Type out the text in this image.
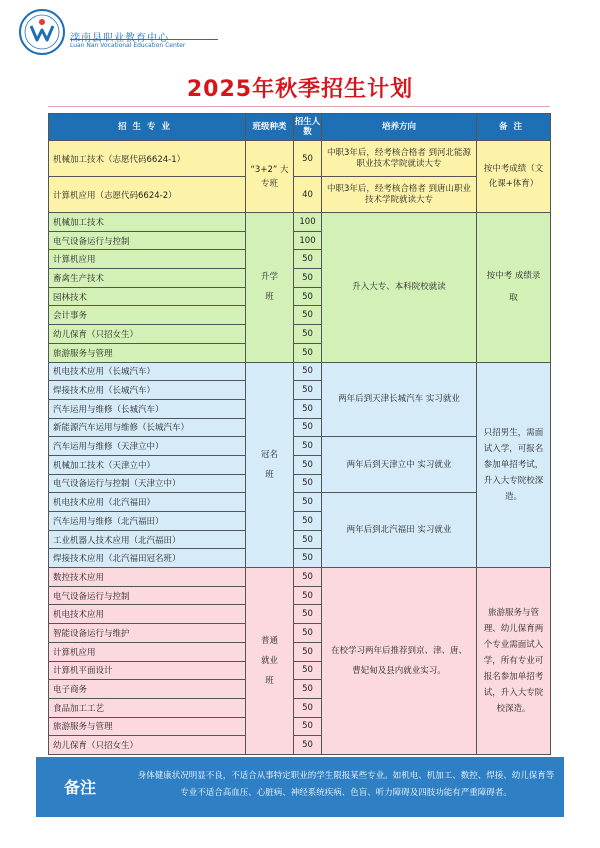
Luan Nan Vocational Education Center
2025年秋季招生计划
招生专业	班级种类	招生人数	培养方向	备注
机械加工技术（志愿代码6624-1）	“3+2” 大专班	50	中职3年后，经考核合格者 到河北能源职业技术学院就读大专	按中考成绩（文化课+体育）
计算机应用（志愿代码6624-2）		40	中职3年后，经考核合格者 到唐山职业技术学院就读大专	
机械加工技术	升学班	100	升入大专、本科院校就读	按中考 成绩录取
电气设备运行与控制		100		
计算机应用		50		
畜禽生产技术		50		
园林技术		50		
会计事务		50		
幼儿保育（只招女生）		50		
旅游服务与管理		50		
机电技术应用（长城汽车）	冠名班	50	两年后到天津长城汽车 实习就业	只招男生，需面试入学，可报名参加单招考试，升入大专院校深造。
焊接技术应用（长城汽车）		50		
汽车运用与维修（长城汽车）		50		
新能源汽车运用与维修（长城汽车）		50		
汽车运用与维修（天津立中）		50	两年后到天津立中 实习就业	
机械加工技术（天津立中）		50		
电气设备运行与控制（天津立中）		50		
机电技术应用（北汽福田）		50	两年后到北汽福田 实习就业	
汽车运用与维修（北汽福田）		50		
工业机器人技术应用（北汽福田）		50		
焊接技术应用（北汽福田冠名班）		50		
数控技术应用	普通就业班	50	在校学习两年后推荐到京、津、唐、曹妃甸及县内就业实习。	旅游服务与管理、幼儿保育两个专业需面试入学，所有专业可报名参加单招考试，升入大专院校深造。
电气设备运行与控制		50		
机电技术应用		50		
智能设备运行与维护		50		
计算机应用		50		
计算机平面设计		50		
电子商务		50		
食品加工工艺		50		
旅游服务与管理		50		
幼儿保育（只招女生）		50		
备注
身体健康状况明显不良，不适合从事特定职业的学生限报某些专业。如机电、机加工、数控、焊接、幼儿保育等专业不适合高血压、心脏病、神经系统疾病、色盲、听力障碍及四肢功能有严重障碍者。
